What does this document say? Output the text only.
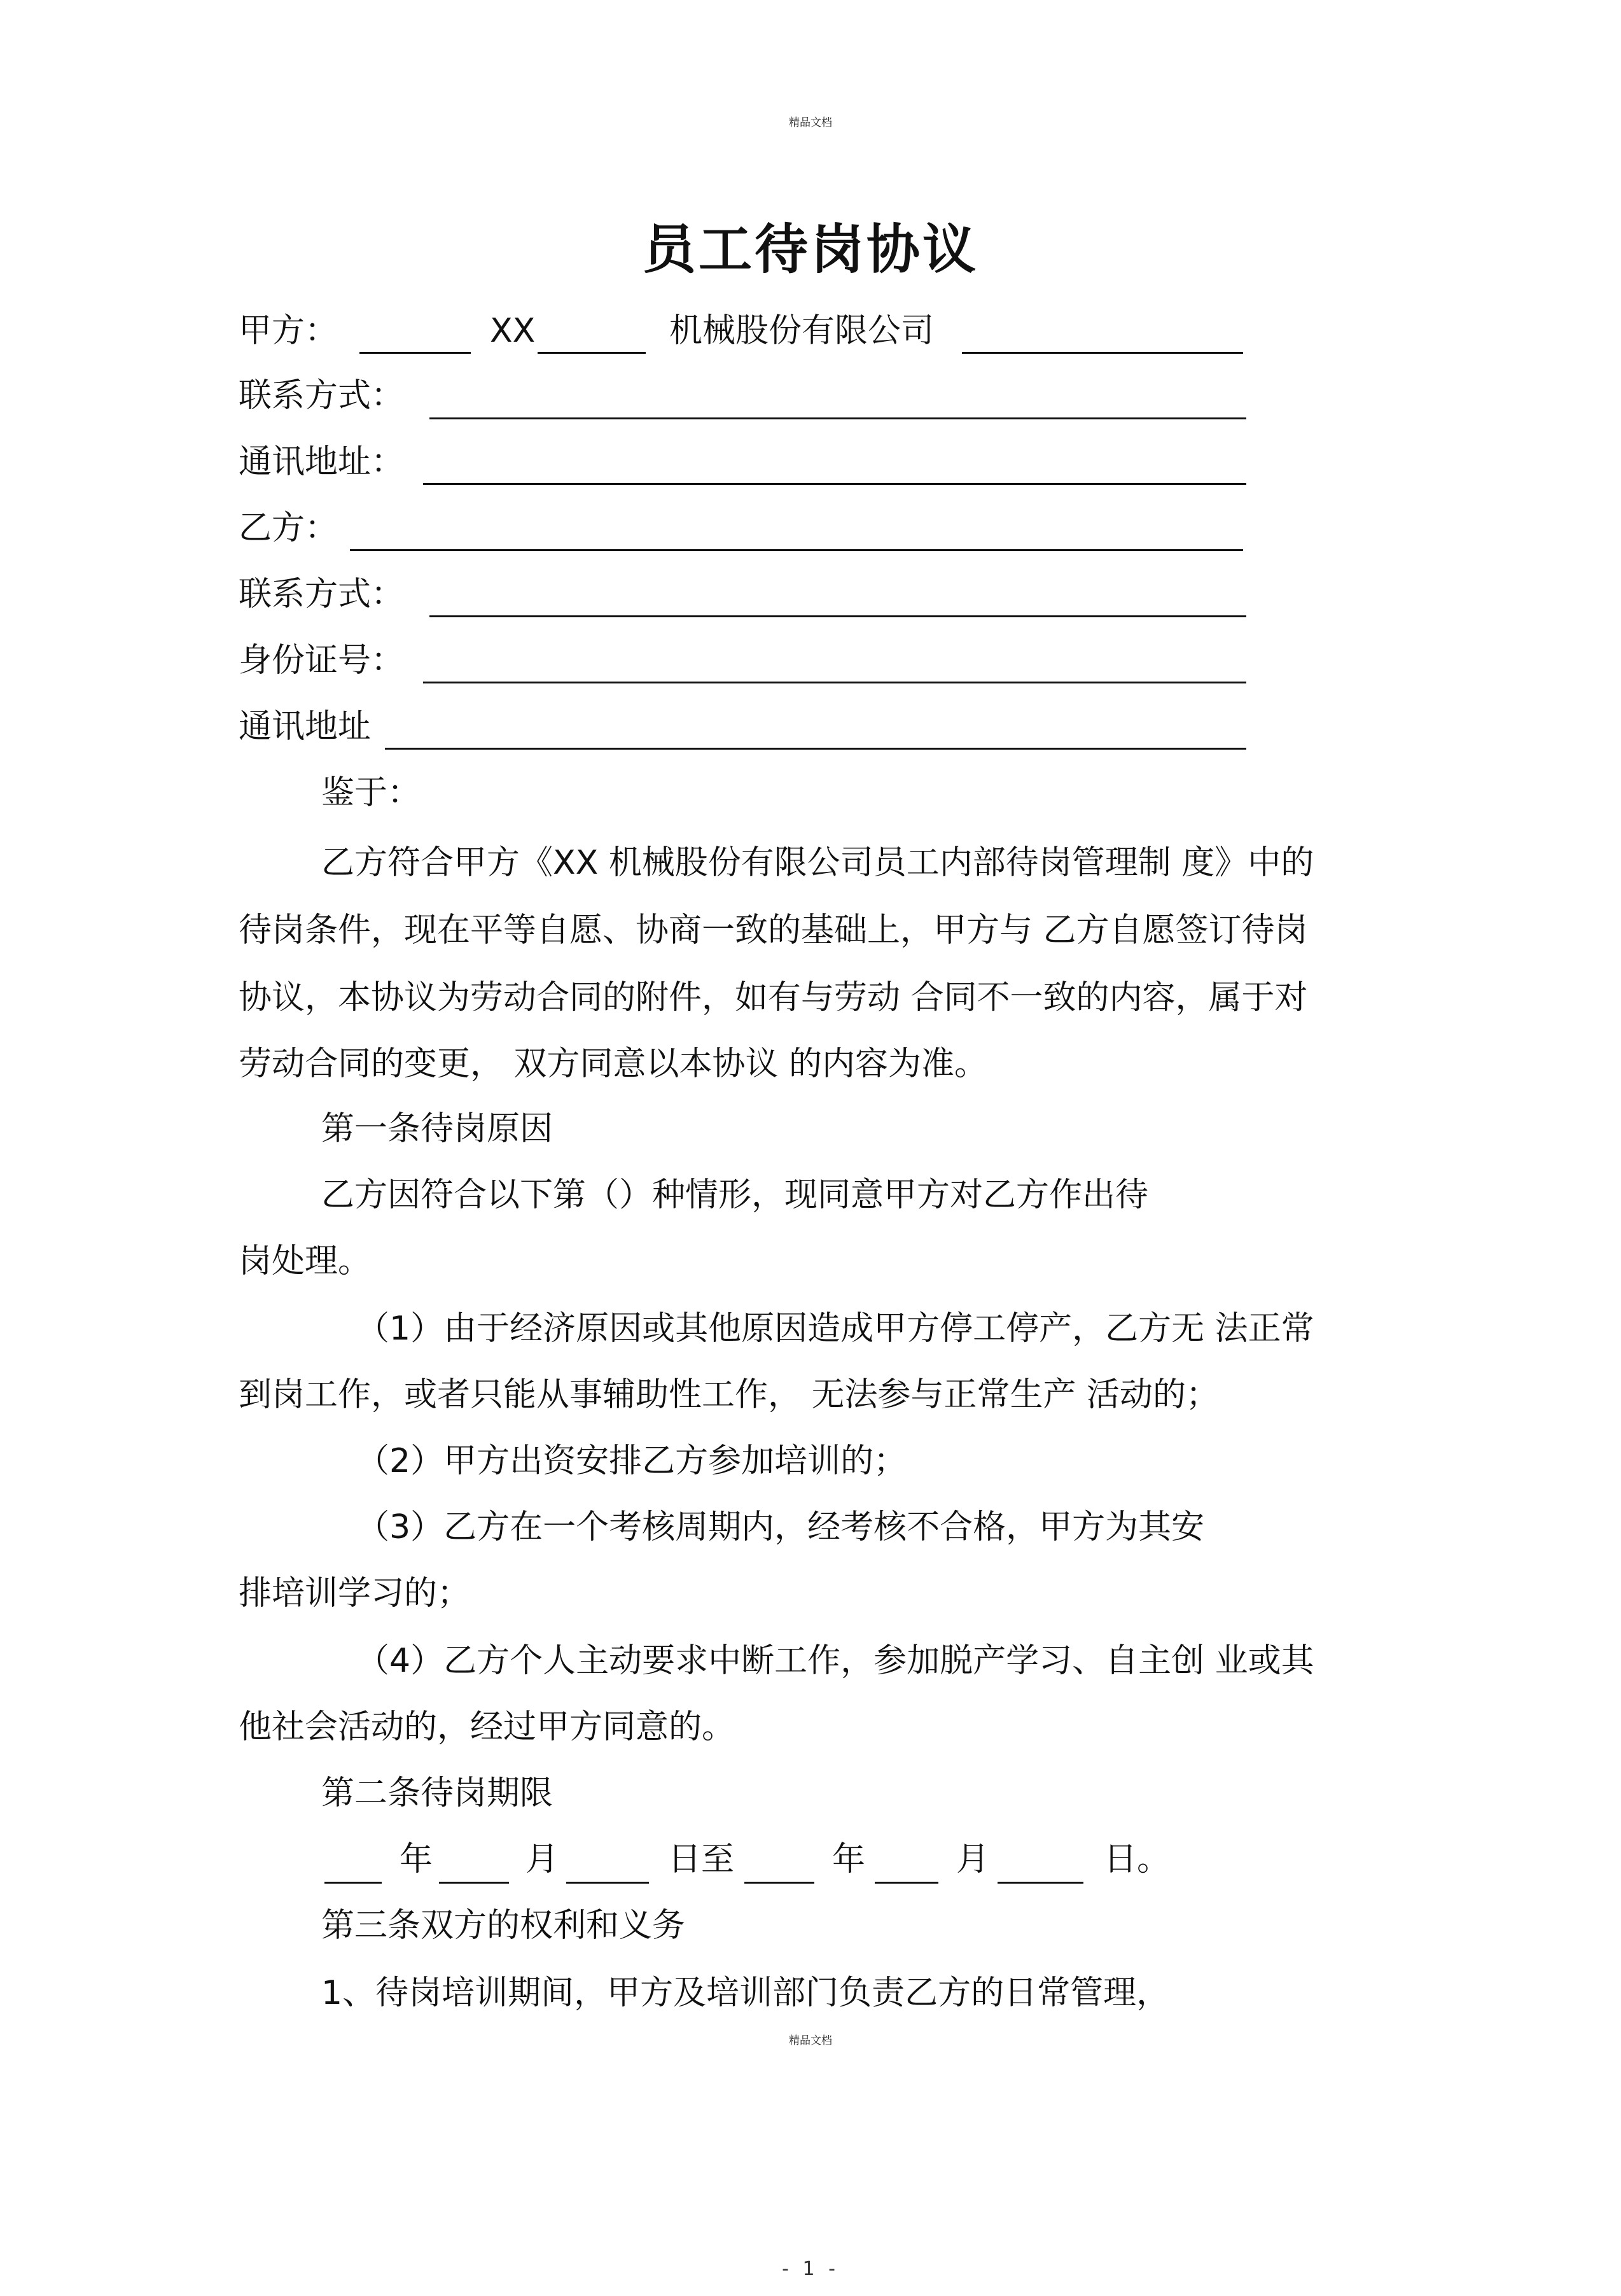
精品文档
员工待岗协议
甲方：	XX	机械股份有限公司
联系方式：
通讯地址：
乙方：
联系方式：
身份证号：
通讯地址
鉴于：
乙方符合甲方《XX 机械股份有限公司员工内部待岗管理制 度》中的
待岗条件，现在平等自愿、协商一致的基础上，甲方与 乙方自愿签订待岗
协议，本协议为劳动合同的附件，如有与劳动 合同不一致的内容，属于对
劳动合同的变更， 双方同意以本协议 的内容为准。
第一条待岗原因
乙方因符合以下第（）种情形，现同意甲方对乙方作出待
岗处理。
（1）由于经济原因或其他原因造成甲方停工停产，乙方无 法正常
到岗工作，或者只能从事辅助性工作， 无法参与正常生产 活动的；
（2）甲方出资安排乙方参加培训的；
（3）乙方在一个考核周期内，经考核不合格，甲方为其安
排培训学习的；
（4）乙方个人主动要求中断工作，参加脱产学习、自主创 业或其
他社会活动的，经过甲方同意的。
第二条待岗期限
年	月	日至	年	月	日。
第三条双方的权利和义务
1、待岗培训期间，甲方及培训部门负责乙方的日常管理，
精品文档
- 1 -
